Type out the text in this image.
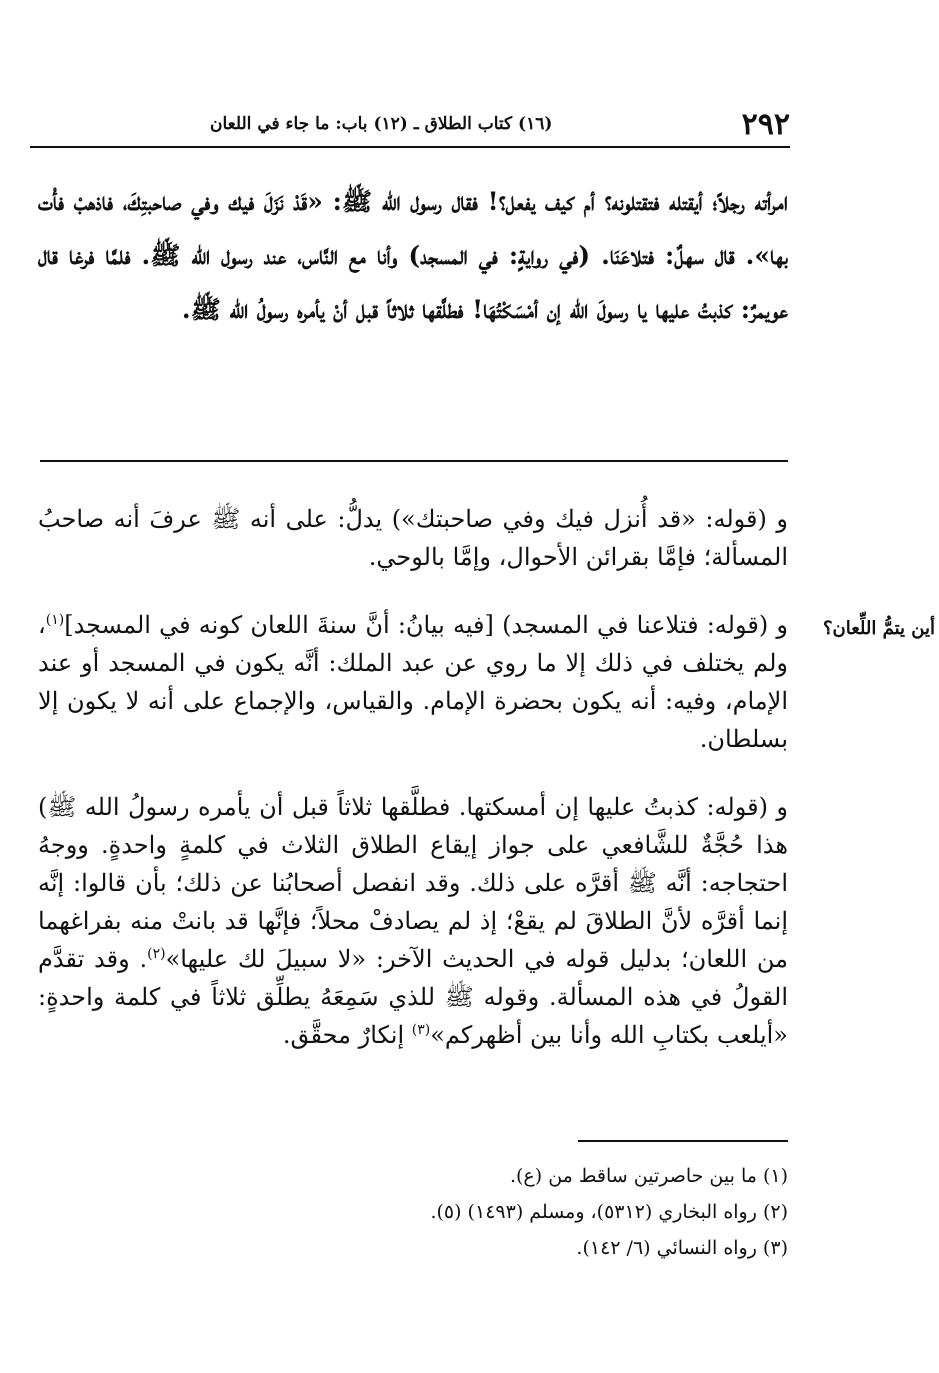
(١٦) كتاب الطلاق ـ (١٢) باب: ما جاء في اللعان	٢٩٢

امرأته رجلاً؛ أيقتله فتقتلونه؟ أم كيف يفعل؟! فقال رسول الله ﷺ: «قَدْ نَزَلَ فيك وفي صاحبتِكَ، فاذهبْ فأْت بها». قال سهلٌ: فتلاعَنَا. (في روايةٍ: في المسجد) وأنا مع النَّاس، عند رسول الله ﷺ. فلمَّا فرغا قال عويمرٌ: كذبتُ عليها يا رسولَ الله إن أمْسَكْتُهَا! فطلَّقها ثلاثاً قبل أنْ يأمره رسولُ الله ﷺ.

أين يتمُّ اللِّعان؟

و (قوله: «قد أُنزل فيك وفي صاحبتك») يدلُّ: على أنه ﷺ عرفَ أنه صاحبُ المسألة؛ فإمَّا بقرائن الأحوال، وإمَّا بالوحي.

و (قوله: فتلاعنا في المسجد) [فيه بيانُ: أنَّ سنةَ اللعان كونه في المسجد]$^{(١)}$، ولم يختلف في ذلك إلا ما روي عن عبد الملك: أنَّه يكون في المسجد أو عند الإمام، وفيه: أنه يكون بحضرة الإمام. والقياس، والإجماع على أنه لا يكون إلا بسلطان.

و (قوله: كذبتُ عليها إن أمسكتها. فطلَّقها ثلاثاً قبل أن يأمره رسولُ الله ﷺ) هذا حُجَّةٌ للشَّافعي على جواز إيقاع الطلاق الثلاث في كلمةٍ واحدةٍ. ووجهُ احتجاجه: أنَّه ﷺ أقرَّه على ذلك. وقد انفصل أصحابُنا عن ذلك؛ بأن قالوا: إنَّه إنما أقرَّه لأنَّ الطلاقَ لم يقعْ؛ إذ لم يصادفْ محلاً؛ فإنَّها قد بانتْ منه بفراغهما من اللعان؛ بدليل قوله في الحديث الآخر: «لا سبيلَ لك عليها»$^{(٢)}$. وقد تقدَّم القولُ في هذه المسألة. وقوله ﷺ للذي سَمِعَهُ يطلِّق ثلاثاً في كلمة واحدةٍ: «أيلعب بكتابِ الله وأنا بين أظهركم»$^{(٣)}$ إنكارٌ محقَّق.

(١) ما بين حاصرتين ساقط من (ع).

(٢) رواه البخاري (٥٣١٢)، ومسلم (١٤٩٣) (٥).

(٣) رواه النسائي (٦/ ١٤٢).
